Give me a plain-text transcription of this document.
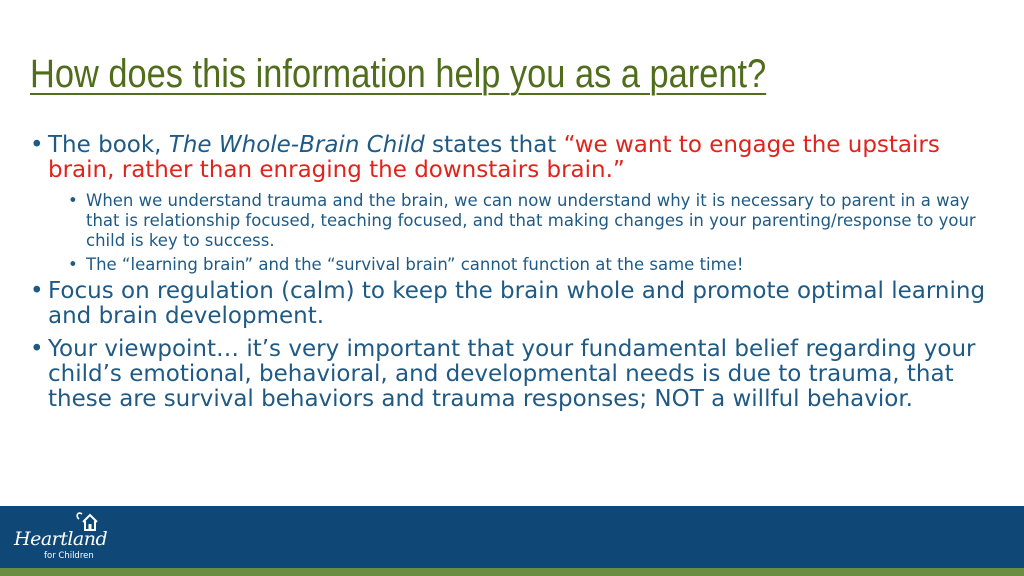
How does this information help you as a parent?
• The book, The Whole-Brain Child states that “we want to engage the upstairs brain, rather than enraging the downstairs brain.”
• When we understand trauma and the brain, we can now understand why it is necessary to parent in a way that is relationship focused, teaching focused, and that making changes in your parenting/response to your child is key to success.
• The “learning brain” and the “survival brain” cannot function at the same time!
• Focus on regulation (calm) to keep the brain whole and promote optimal learning and brain development.
• Your viewpoint… it’s very important that your fundamental belief regarding your child’s emotional, behavioral, and developmental needs is due to trauma, that these are survival behaviors and trauma responses; NOT a willful behavior.
Heartland
for Children
